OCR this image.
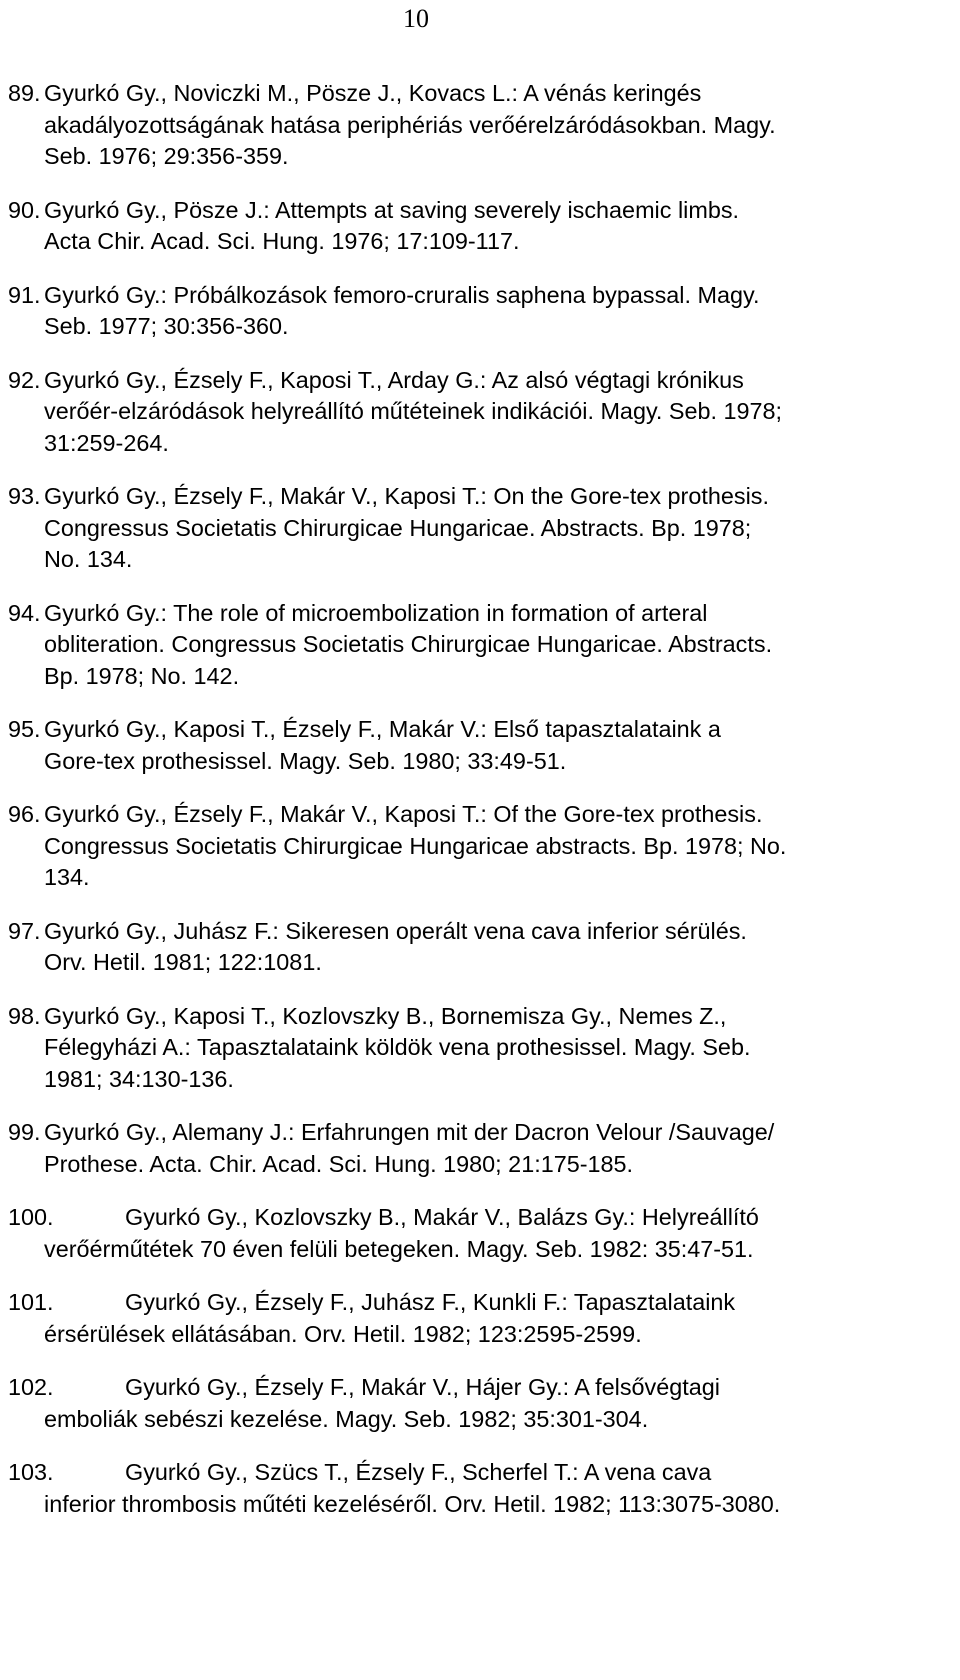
10
89. Gyurkó Gy., Noviczki M., Pösze J., Kovacs L.: A vénás keringés
akadályozottságának hatása periphériás verőérelzáródásokban. Magy.
Seb. 1976; 29:356-359.
90. Gyurkó Gy., Pösze J.: Attempts at saving severely ischaemic limbs.
Acta Chir. Acad. Sci. Hung. 1976; 17:109-117.
91. Gyurkó Gy.: Próbálkozások femoro-cruralis saphena bypassal. Magy.
Seb. 1977; 30:356-360.
92. Gyurkó Gy., Ézsely F., Kaposi T., Arday G.: Az alsó végtagi krónikus
verőér-elzáródások helyreállító műtéteinek indikációi. Magy. Seb. 1978;
31:259-264.
93. Gyurkó Gy., Ézsely F., Makár V., Kaposi T.: On the Gore-tex prothesis.
Congressus Societatis Chirurgicae Hungaricae. Abstracts. Bp. 1978;
No. 134.
94. Gyurkó Gy.: The role of microembolization in formation of arteral
obliteration. Congressus Societatis Chirurgicae Hungaricae. Abstracts.
Bp. 1978; No. 142.
95. Gyurkó Gy., Kaposi T., Ézsely F., Makár V.: Első tapasztalataink a
Gore-tex prothesissel. Magy. Seb. 1980; 33:49-51.
96. Gyurkó Gy., Ézsely F., Makár V., Kaposi T.: Of the Gore-tex prothesis.
Congressus Societatis Chirurgicae Hungaricae abstracts. Bp. 1978; No.
134.
97. Gyurkó Gy., Juhász F.: Sikeresen operált vena cava inferior sérülés.
Orv. Hetil. 1981; 122:1081.
98. Gyurkó Gy., Kaposi T., Kozlovszky B., Bornemisza Gy., Nemes Z.,
Félegyházi A.: Tapasztalataink köldök vena prothesissel. Magy. Seb.
1981; 34:130-136.
99. Gyurkó Gy., Alemany J.: Erfahrungen mit der Dacron Velour /Sauvage/
Prothese. Acta. Chir. Acad. Sci. Hung. 1980; 21:175-185.
100.	Gyurkó Gy., Kozlovszky B., Makár V., Balázs Gy.: Helyreállító
verőérműtétek 70 éven felüli betegeken. Magy. Seb. 1982: 35:47-51.
101.	Gyurkó Gy., Ézsely F., Juhász F., Kunkli F.: Tapasztalataink
érsérülések ellátásában. Orv. Hetil. 1982; 123:2595-2599.
102.	Gyurkó Gy., Ézsely F., Makár V., Hájer Gy.: A felsővégtagi
emboliák sebészi kezelése. Magy. Seb. 1982; 35:301-304.
103.	Gyurkó Gy., Szücs T., Ézsely F., Scherfel T.: A vena cava
inferior thrombosis műtéti kezeléséről. Orv. Hetil. 1982; 113:3075-3080.
